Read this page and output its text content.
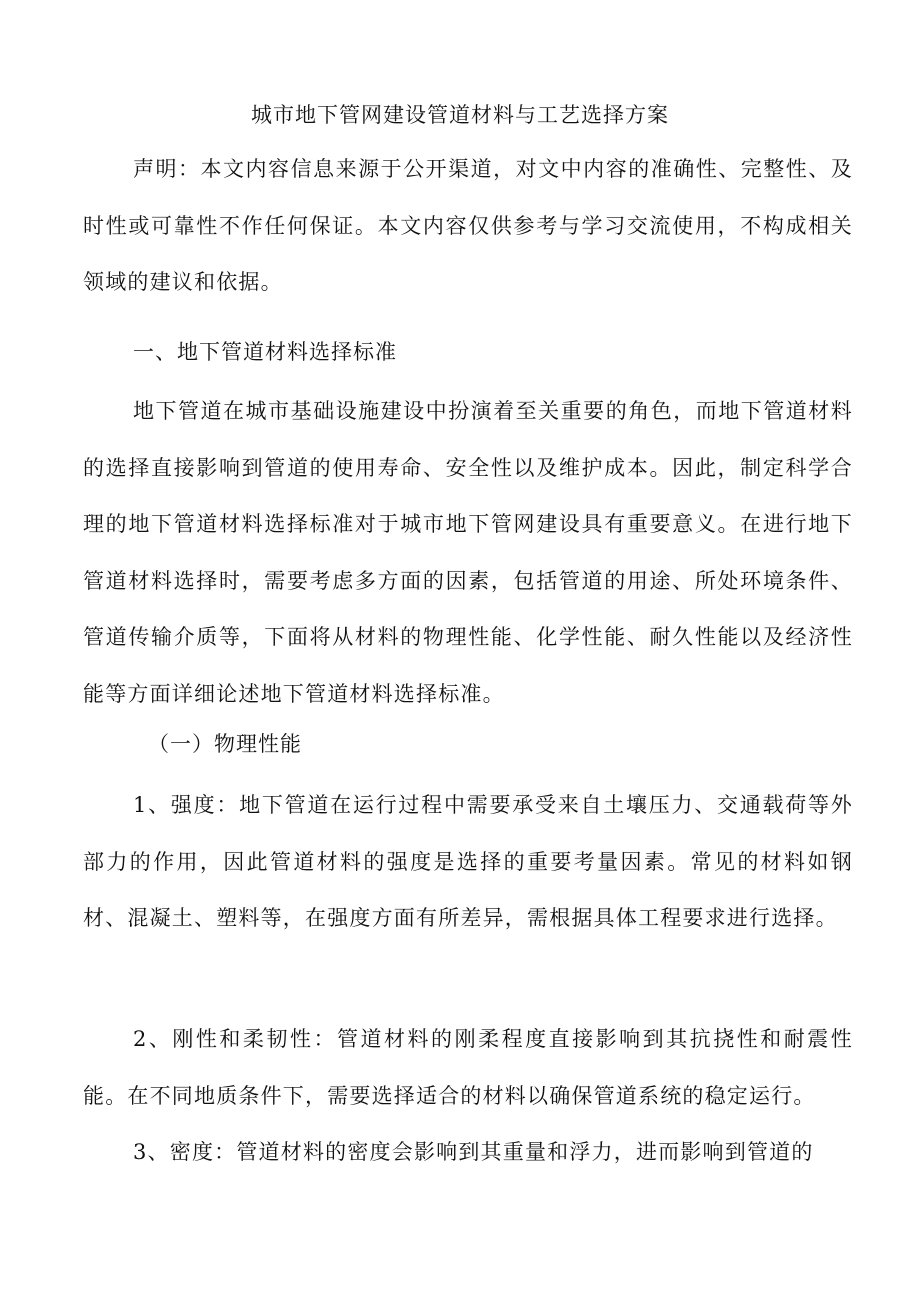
城市地下管网建设管道材料与工艺选择方案

声明：本文内容信息来源于公开渠道，对文中内容的准确性、完整性、及时性或可靠性不作任何保证。本文内容仅供参考与学习交流使用，不构成相关领域的建议和依据。

一、地下管道材料选择标准

地下管道在城市基础设施建设中扮演着至关重要的角色，而地下管道材料的选择直接影响到管道的使用寿命、安全性以及维护成本。因此，制定科学合理的地下管道材料选择标准对于城市地下管网建设具有重要意义。在进行地下管道材料选择时，需要考虑多方面的因素，包括管道的用途、所处环境条件、管道传输介质等，下面将从材料的物理性能、化学性能、耐久性能以及经济性能等方面详细论述地下管道材料选择标准。

（一）物理性能

1、强度：地下管道在运行过程中需要承受来自土壤压力、交通载荷等外部力的作用，因此管道材料的强度是选择的重要考量因素。常见的材料如钢材、混凝土、塑料等，在强度方面有所差异，需根据具体工程要求进行选择。

2、刚性和柔韧性：管道材料的刚柔程度直接影响到其抗挠性和耐震性能。在不同地质条件下，需要选择适合的材料以确保管道系统的稳定运行。

3、密度：管道材料的密度会影响到其重量和浮力，进而影响到管道的
